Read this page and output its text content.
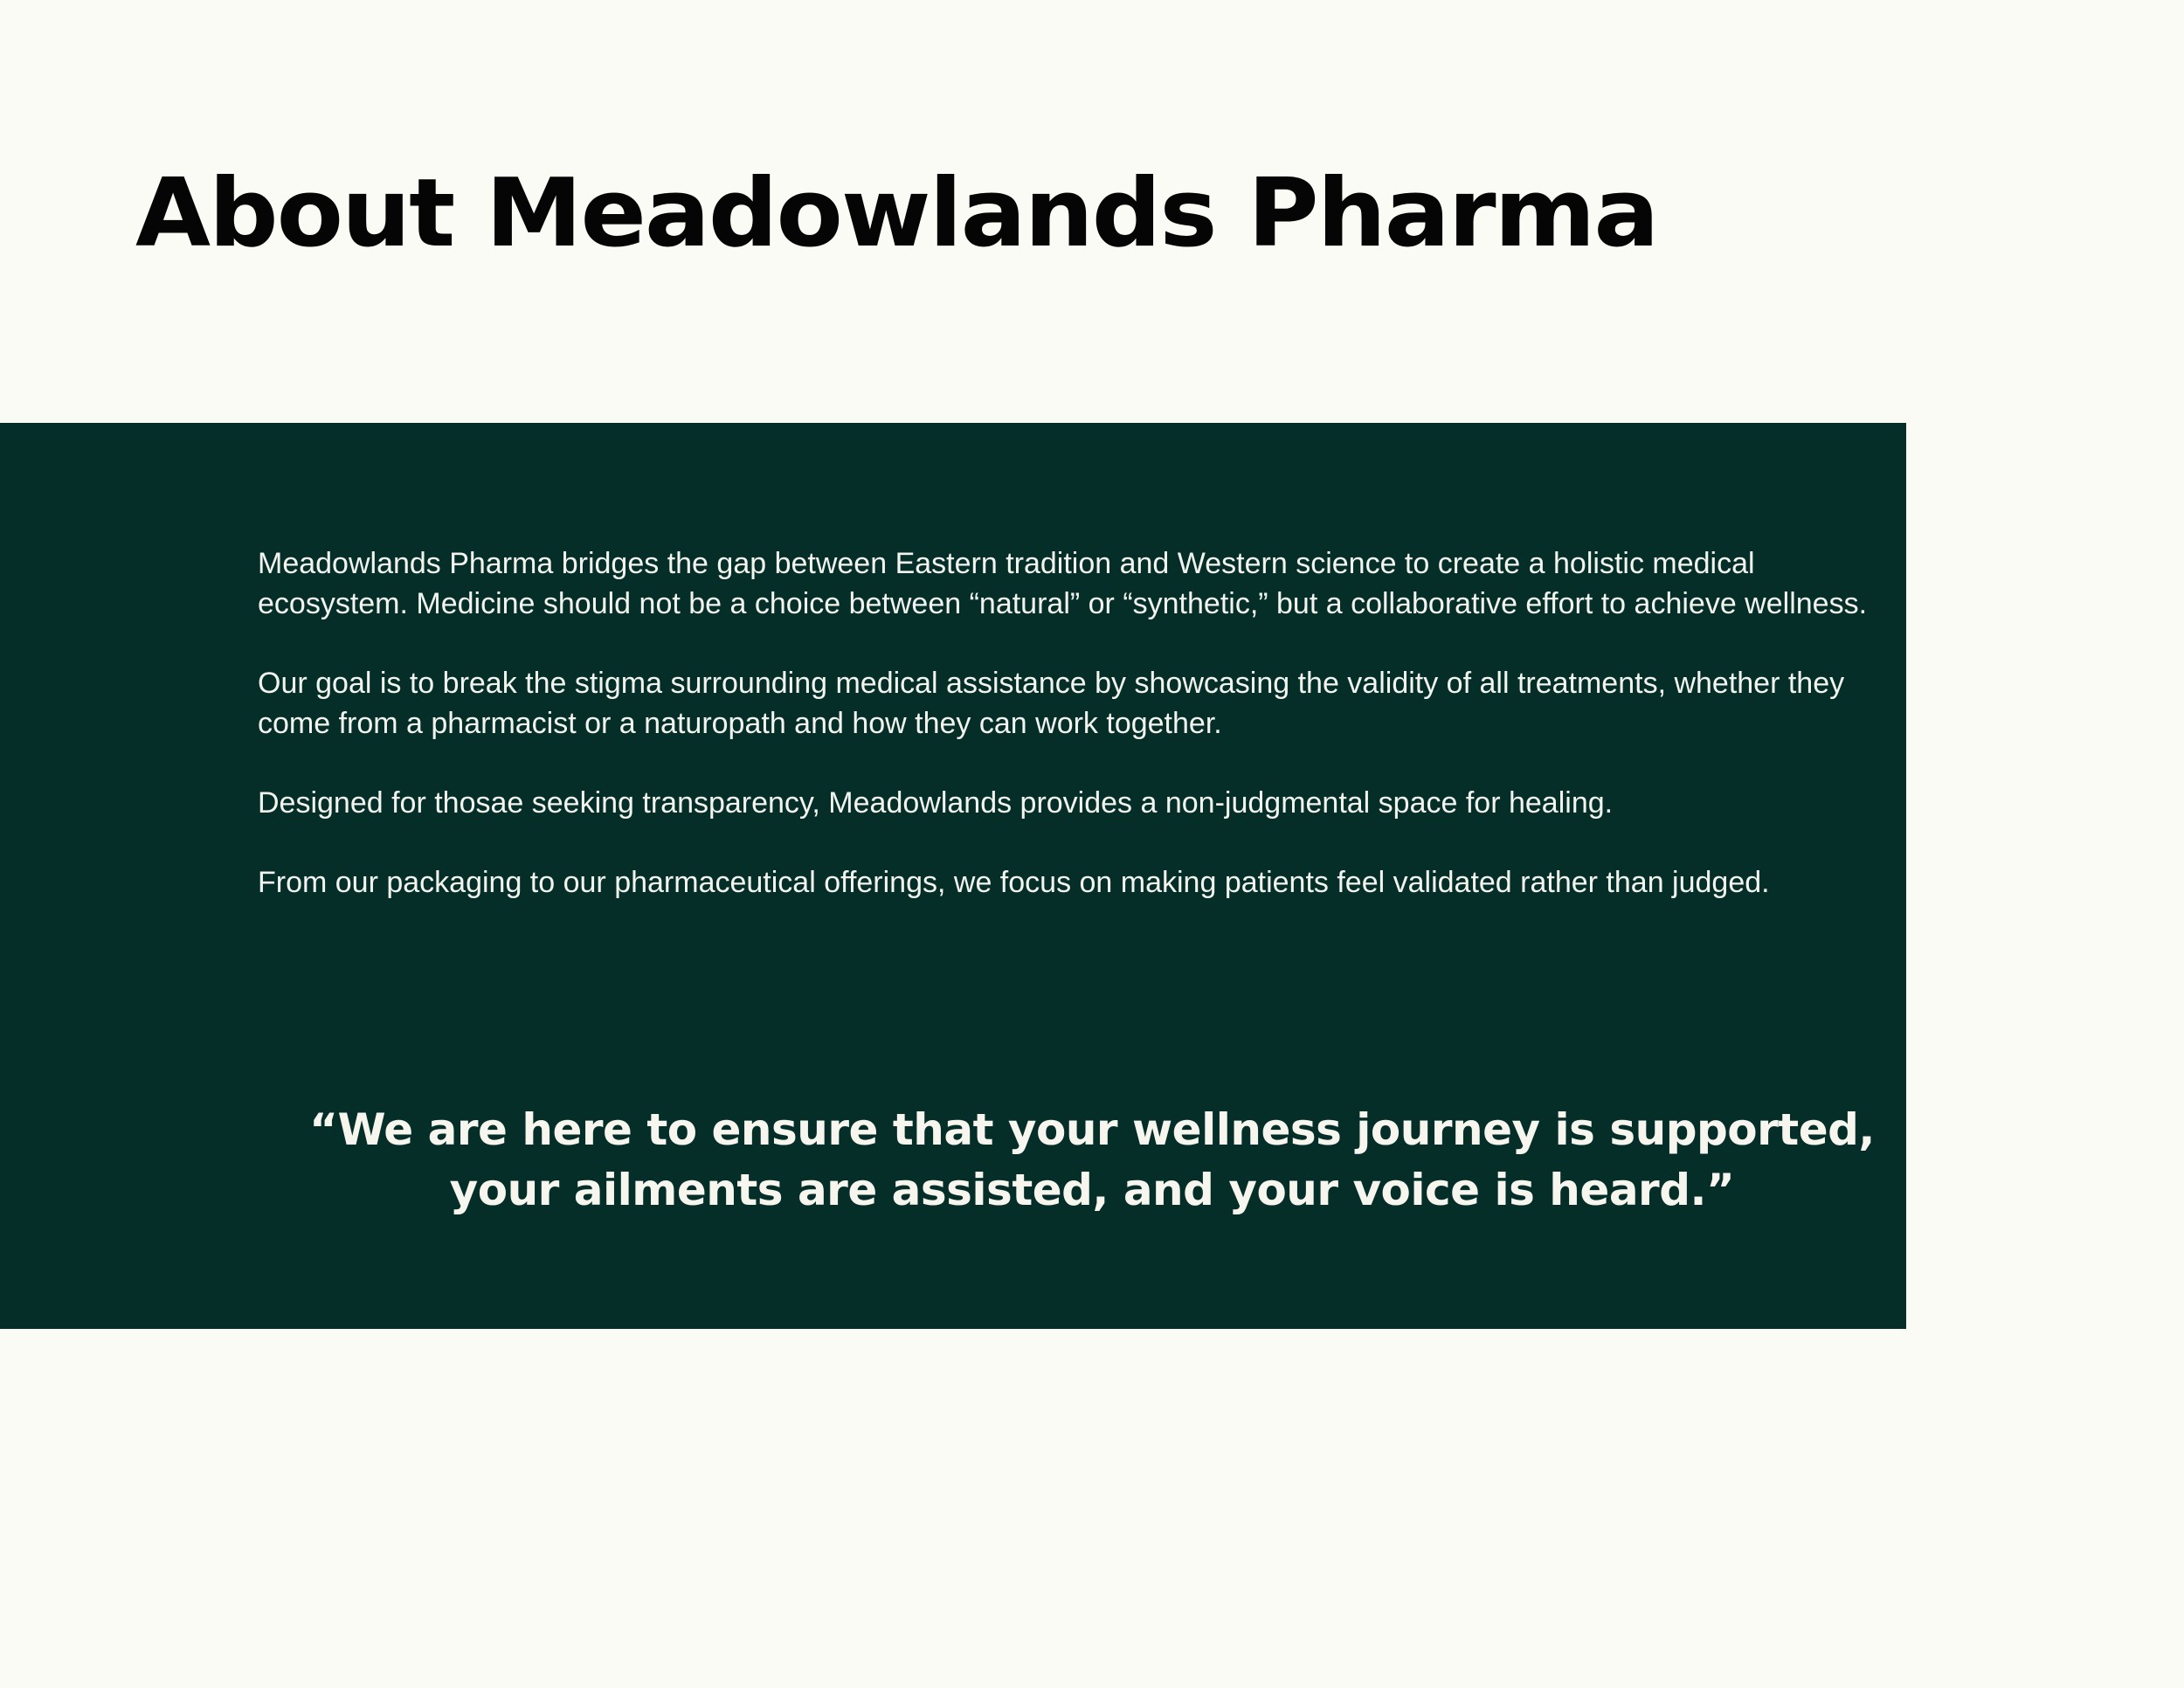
About Meadowlands Pharma

Meadowlands Pharma bridges the gap between Eastern tradition and Western science to create a holistic medical ecosystem. Medicine should not be a choice between “natural” or “synthetic,” but a collaborative effort to achieve wellness.

Our goal is to break the stigma surrounding medical assistance by showcasing the validity of all treatments, whether they come from a pharmacist or a naturopath and how they can work together.

Designed for thosae seeking transparency, Meadowlands provides a non-judgmental space for healing.

From our packaging to our pharmaceutical offerings, we focus on making patients feel validated rather than judged.

“We are here to ensure that your wellness journey is supported, your ailments are assisted, and your voice is heard.”
